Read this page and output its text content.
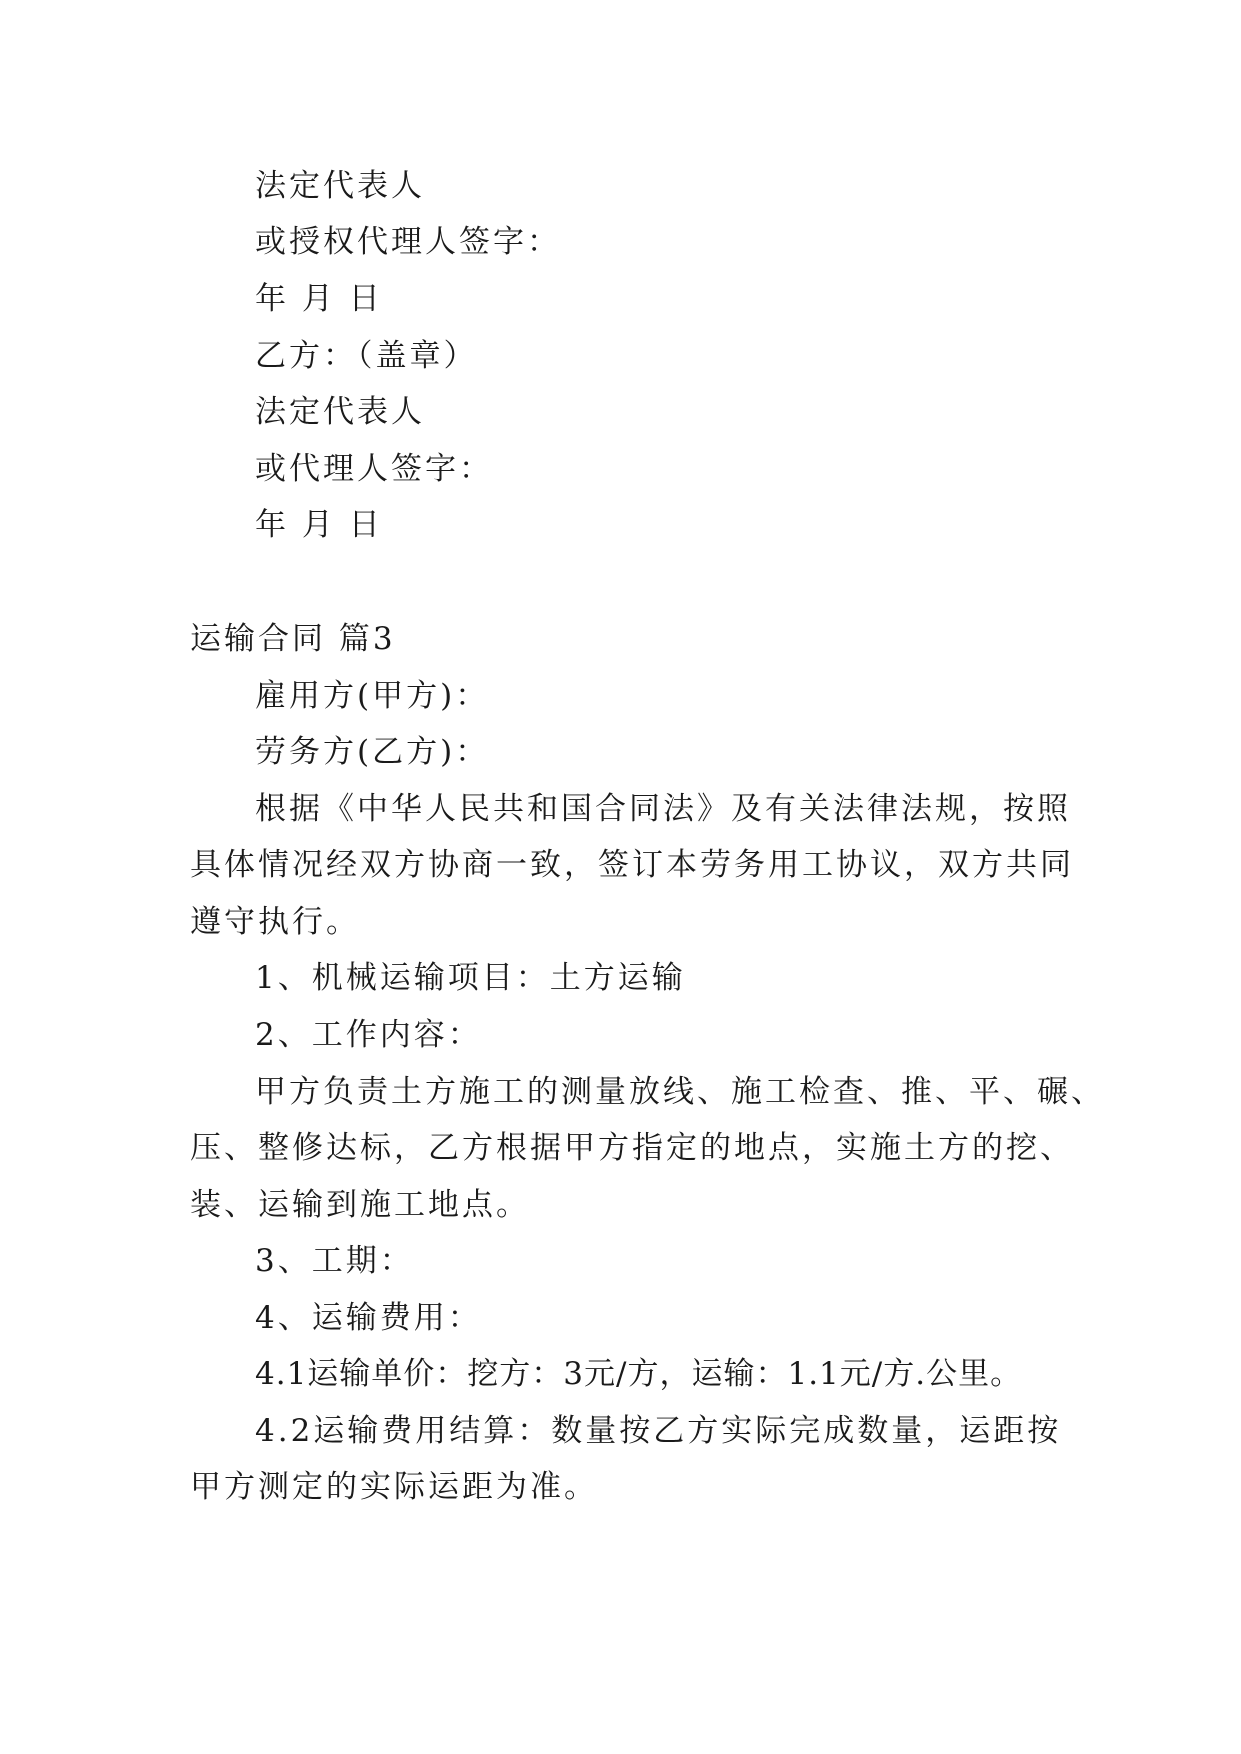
法定代表人
或授权代理人签字：
年 月 日
乙方：（盖章）
法定代表人
或代理人签字：
年 月 日
运输合同 篇3
雇用方(甲方)：
劳务方(乙方)：
根据《中华人民共和国合同法》及有关法律法规，按照
具体情况经双方协商一致，签订本劳务用工协议，双方共同
遵守执行。
1、机械运输项目：土方运输
2、工作内容：
甲方负责土方施工的测量放线、施工检查、推、平、碾、
压、整修达标，乙方根据甲方指定的地点，实施土方的挖、
装、运输到施工地点。
3、工期：
4、运输费用：
4.1运输单价：挖方：3元/方，运输：1.1元/方.公里。
4.2运输费用结算：数量按乙方实际完成数量，运距按
甲方测定的实际运距为准。
